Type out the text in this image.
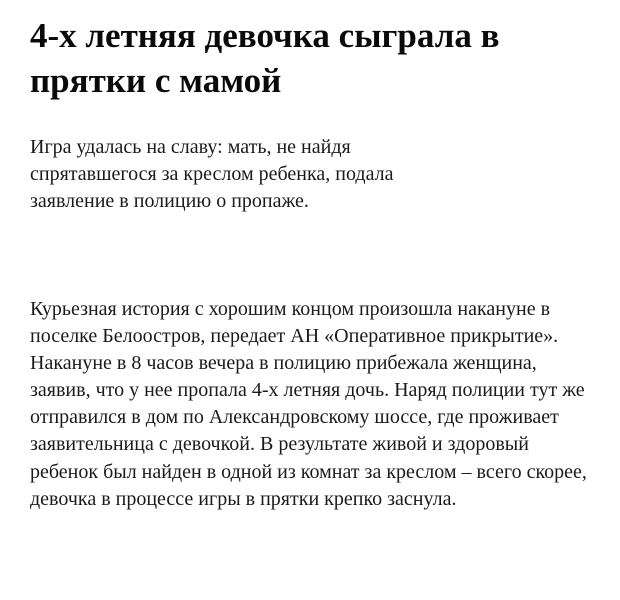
4-х летняя девочка сыграла в прятки с мамой

Игра удалась на славу: мать, не найдя спрятавшегося за креслом ребенка, подала заявление в полицию о пропаже.

Курьезная история с хорошим концом произошла накануне в поселке Белоостров, передает АН «Оперативное прикрытие». Накануне в 8 часов вечера в полицию прибежала женщина, заявив, что у нее пропала 4-х летняя дочь. Наряд полиции тут же отправился в дом по Александровскому шоссе, где проживает заявительница с девочкой. В результате живой и здоровый ребенок был найден в одной из комнат за креслом – всего скорее, девочка в процессе игры в прятки крепко заснула.
